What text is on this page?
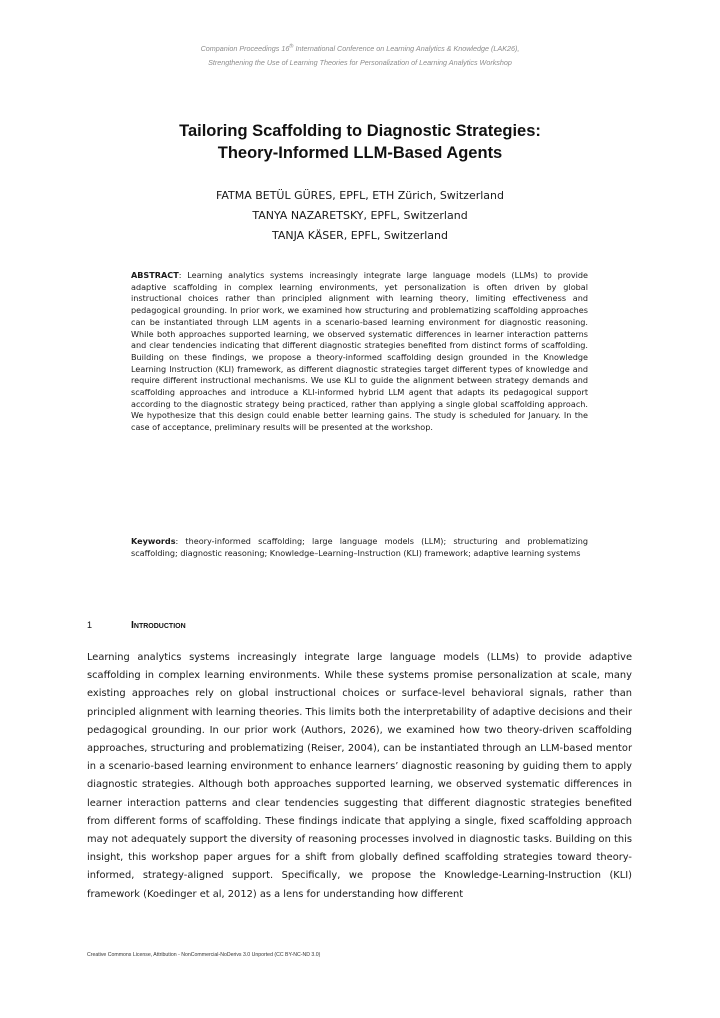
Companion Proceedings 16th International Conference on Learning Analytics & Knowledge (LAK26),
Strengthening the Use of Learning Theories for Personalization of Learning Analytics Workshop
Tailoring Scaffolding to Diagnostic Strategies:
Theory-Informed LLM-Based Agents
FATMA BETÜL GÜRES, EPFL, ETH Zürich, Switzerland
TANYA NAZARETSKY, EPFL, Switzerland
TANJA KÄSER, EPFL, Switzerland

ABSTRACT: Learning analytics systems increasingly integrate large language models (LLMs) to provide adaptive scaffolding in complex learning environments, yet personalization is often driven by global instructional choices rather than principled alignment with learning theory, limiting effectiveness and pedagogical grounding. In prior work, we examined how structuring and problematizing scaffolding approaches can be instantiated through LLM agents in a scenario-based learning environment for diagnostic reasoning. While both approaches supported learning, we observed systematic differences in learner interaction patterns and clear tendencies indicating that different diagnostic strategies benefited from distinct forms of scaffolding. Building on these findings, we propose a theory-informed scaffolding design grounded in the Knowledge Learning Instruction (KLI) framework, as different diagnostic strategies target different types of knowledge and require different instructional mechanisms. We use KLI to guide the alignment between strategy demands and scaffolding approaches and introduce a KLI-informed hybrid LLM agent that adapts its pedagogical support according to the diagnostic strategy being practiced, rather than applying a single global scaffolding approach. We hypothesize that this design could enable better learning gains. The study is scheduled for January. In the case of acceptance, preliminary results will be presented at the workshop.

Keywords: theory-informed scaffolding; large language models (LLM); structuring and problematizing scaffolding; diagnostic reasoning; Knowledge–Learning–Instruction (KLI) framework; adaptive learning systems

1	Introduction

Learning analytics systems increasingly integrate large language models (LLMs) to provide adaptive scaffolding in complex learning environments. While these systems promise personalization at scale, many existing approaches rely on global instructional choices or surface-level behavioral signals, rather than principled alignment with learning theories. This limits both the interpretability of adaptive decisions and their pedagogical grounding. In our prior work (Authors, 2026), we examined how two theory-driven scaffolding approaches, structuring and problematizing (Reiser, 2004), can be instantiated through an LLM-based mentor in a scenario-based learning environment to enhance learners’ diagnostic reasoning by guiding them to apply diagnostic strategies. Although both approaches supported learning, we observed systematic differences in learner interaction patterns and clear tendencies suggesting that different diagnostic strategies benefited from different forms of scaffolding. These findings indicate that applying a single, fixed scaffolding approach may not adequately support the diversity of reasoning processes involved in diagnostic tasks. Building on this insight, this workshop paper argues for a shift from globally defined scaffolding strategies toward theory-informed, strategy-aligned support. Specifically, we propose the Knowledge-Learning-Instruction (KLI) framework (Koedinger et al, 2012) as a lens for understanding how different

Creative Commons License, Attribution - NonCommercial-NoDerivs 3.0 Unported (CC BY-NC-ND 3.0)
